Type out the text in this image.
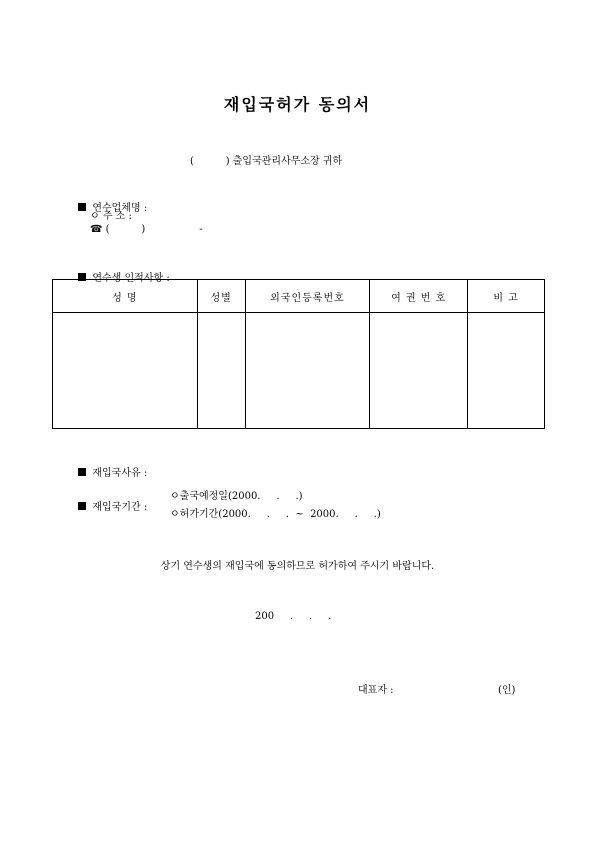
재입국허가 동의서
(          ) 출입국관리사무소장 귀하

연수업체명 :

ㅇ 주 소 :
☎ (          )                 -

연수생 인적사항 :

성 명	성별	외국인등록번호	여 권 번 호	비 고

재입국사유 :

재입국기간 :

ㅇ출국예정일(2000.     .     .)
ㅇ허가기간(2000.     .     .  ~  2000.     .     .)
상기 연수생의 재입국에 동의하므로 허가하여 주시기 바랍니다.
200     .     .     .
대표자 :	(인)
